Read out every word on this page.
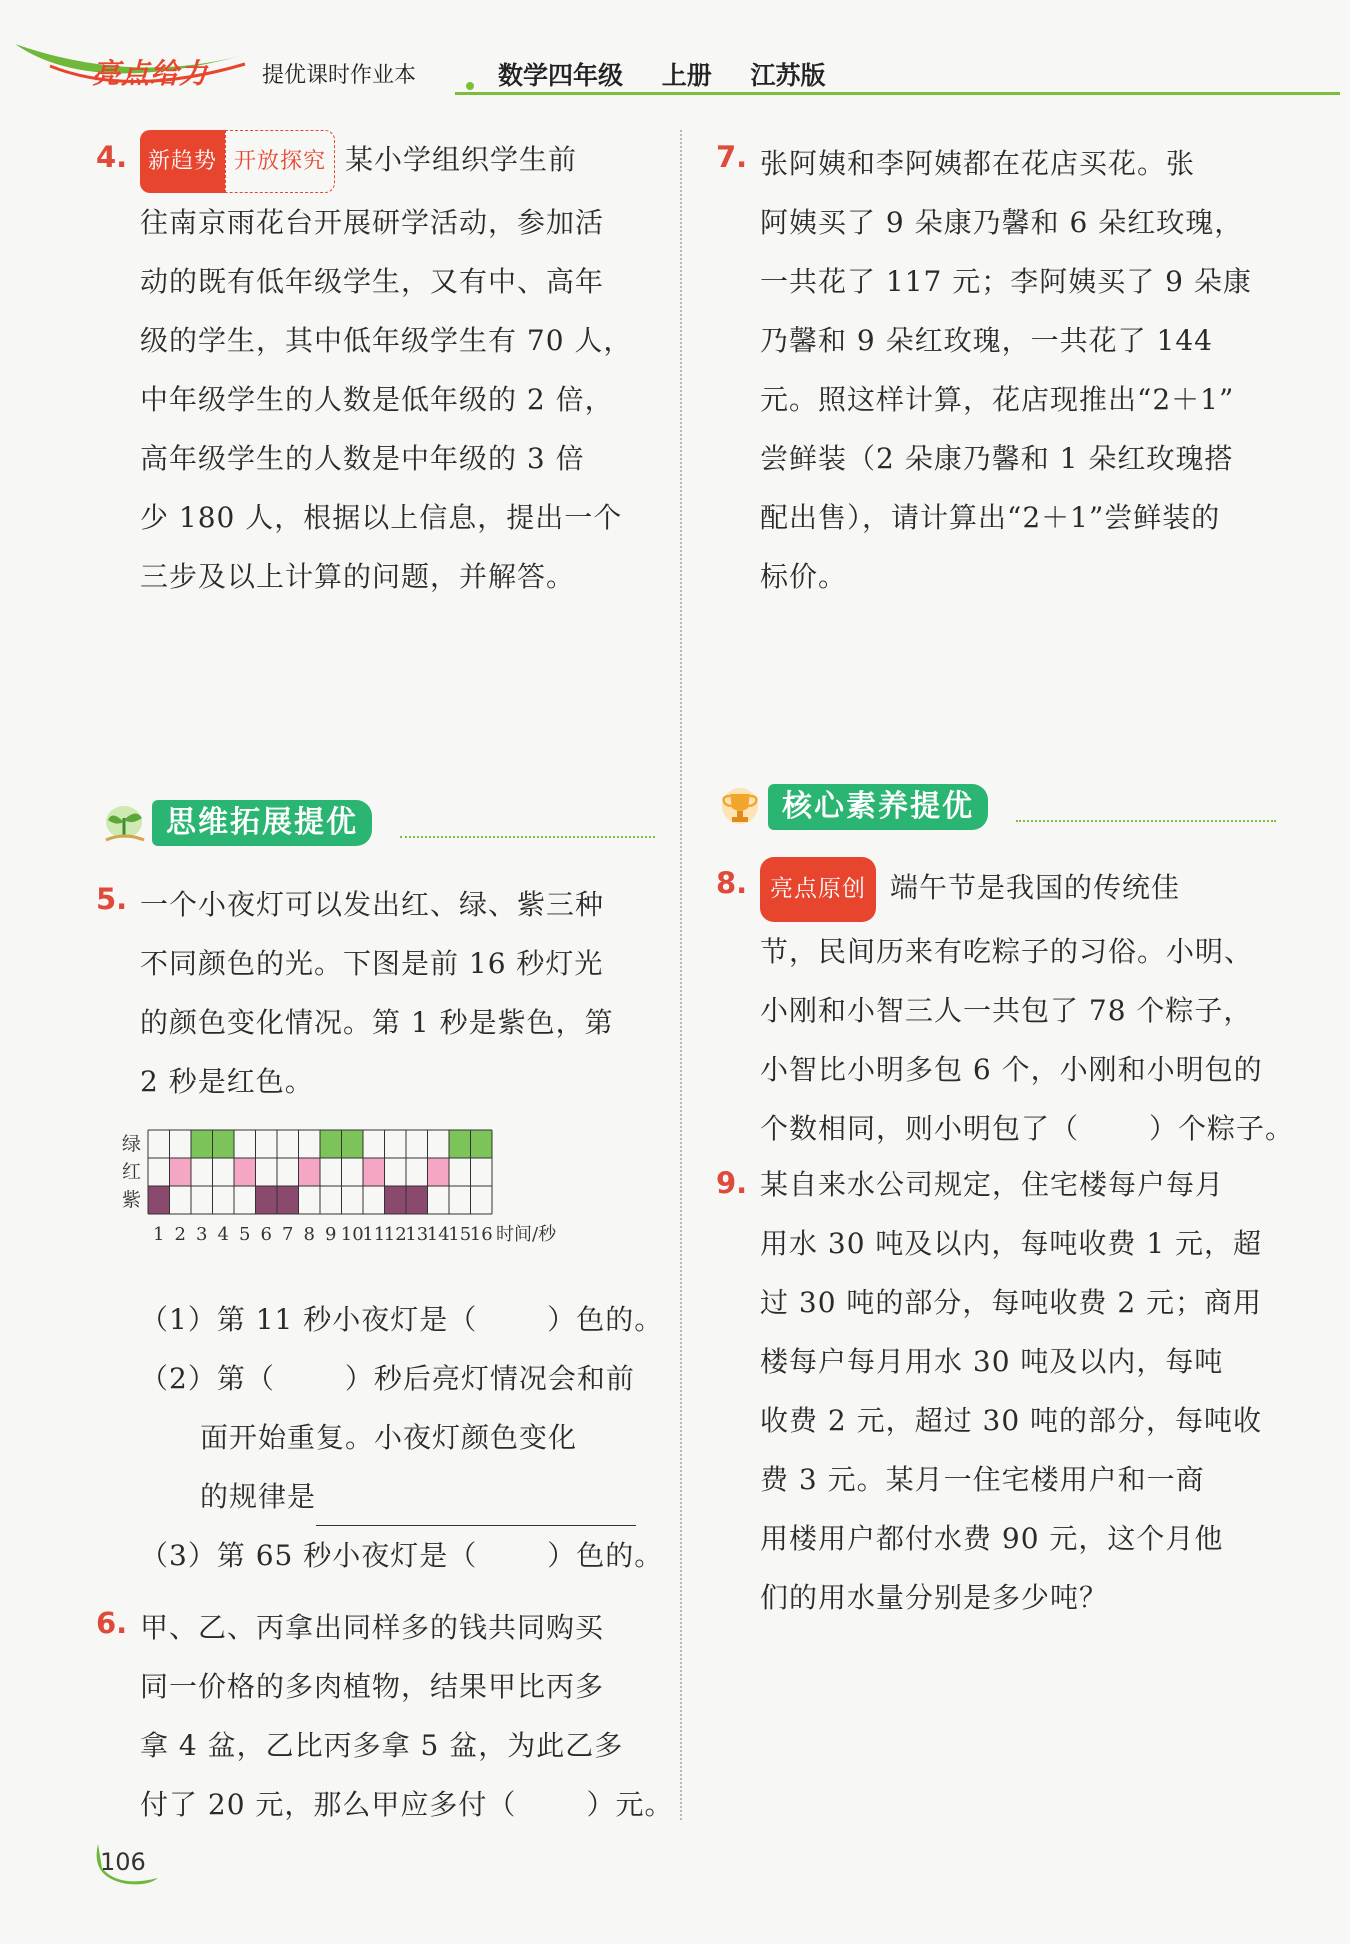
亮点给力 提优课时作业本	数学四年级 上册 江苏版
4. 新趋势 开放探究 某小学组织学生前
往南京雨花台开展研学活动，参加活
动的既有低年级学生，又有中、高年
级的学生，其中低年级学生有 70 人，
中年级学生的人数是低年级的 2 倍，
高年级学生的人数是中年级的 3 倍
少 180 人，根据以上信息，提出一个
三步及以上计算的问题，并解答。
7. 张阿姨和李阿姨都在花店买花。张
阿姨买了 9 朵康乃馨和 6 朵红玫瑰，
一共花了 117 元；李阿姨买了 9 朵康
乃馨和 9 朵红玫瑰，一共花了 144
元。照这样计算，花店现推出“2＋1”
尝鲜装（2 朵康乃馨和 1 朵红玫瑰搭
配出售），请计算出“2＋1”尝鲜装的
标价。
思维拓展提优	核心素养提优
5. 一个小夜灯可以发出红、绿、紫三种
不同颜色的光。下图是前 16 秒灯光
的颜色变化情况。第 1 秒是紫色，第
2 秒是红色。
绿
红
紫
1 2 3 4 5 6 7 8 9 10
11
12
13
14
15
16 时间/秒
（1）第 11 秒小夜灯是（	）色的。
（2）第（	）秒后亮灯情况会和前
面开始重复。小夜灯颜色变化
的规律是
（3）第 65 秒小夜灯是（	）色的。
6. 甲、乙、丙拿出同样多的钱共同购买
同一价格的多肉植物，结果甲比丙多
拿 4 盆，乙比丙多拿 5 盆，为此乙多
付了 20 元，那么甲应多付（	）元。
8. 亮点原创 端午节是我国的传统佳
节，民间历来有吃粽子的习俗。小明、
小刚和小智三人一共包了 78 个粽子，
小智比小明多包 6 个，小刚和小明包的
个数相同，则小明包了（	）个粽子。
9. 某自来水公司规定，住宅楼每户每月
用水 30 吨及以内，每吨收费 1 元，超
过 30 吨的部分，每吨收费 2 元；商用
楼每户每月用水 30 吨及以内，每吨
收费 2 元，超过 30 吨的部分，每吨收
费 3 元。某月一住宅楼用户和一商
用楼用户都付水费 90 元，这个月他
们的用水量分别是多少吨？
106
